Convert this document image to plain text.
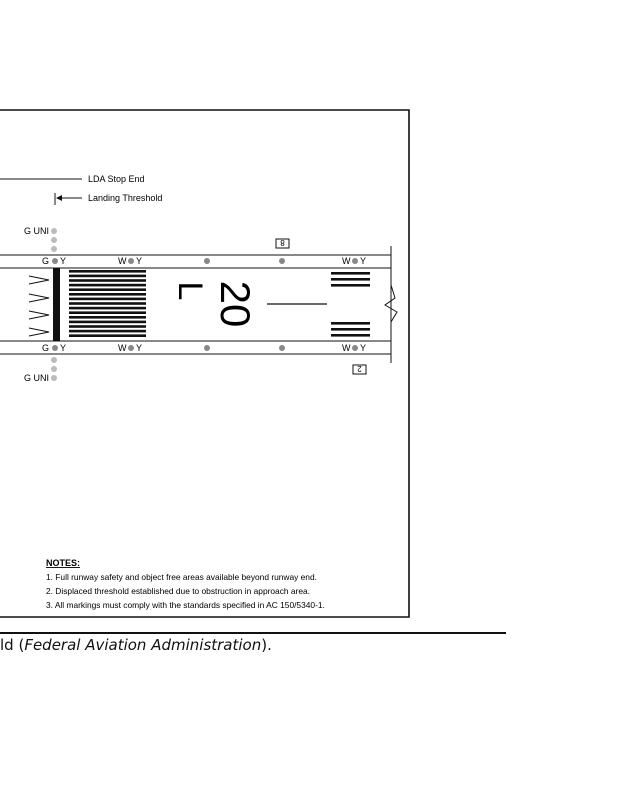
LDA Stop End
Landing Threshold
G UNI
8
G Y	W Y	W Y
G Y	W Y	W Y
20
L
2
G UNI
NOTES:
1. Full runway safety and object free areas available beyond runway end.
2. Displaced threshold established due to obstruction in approach area.
3. All markings must comply with the standards specified in AC 150/5340-1.
ld (Federal Aviation Administration).
